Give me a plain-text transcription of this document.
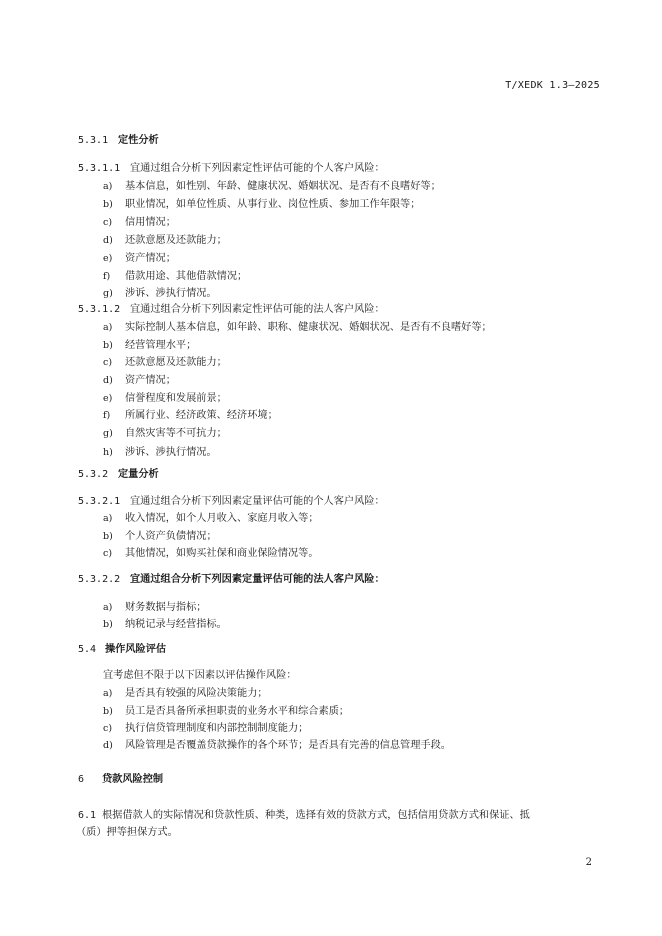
T/XEDK 1.3—2025
5.3.1 定性分析
5.3.1.1 宜通过组合分析下列因素定性评估可能的个人客户风险：
a) 基本信息，如性别、年龄、健康状况、婚姻状况、是否有不良嗜好等；
b) 职业情况，如单位性质、从事行业、岗位性质、参加工作年限等；
c) 信用情况；
d) 还款意愿及还款能力；
e) 资产情况；
f) 借款用途、其他借款情况；
g) 涉诉、涉执行情况。
5.3.1.2 宜通过组合分析下列因素定性评估可能的法人客户风险：
a) 实际控制人基本信息，如年龄、职称、健康状况、婚姻状况、是否有不良嗜好等；
b) 经营管理水平；
c) 还款意愿及还款能力；
d) 资产情况；
e) 信誉程度和发展前景；
f) 所属行业、经济政策、经济环境；
g) 自然灾害等不可抗力；
h) 涉诉、涉执行情况。
5.3.2 定量分析
5.3.2.1 宜通过组合分析下列因素定量评估可能的个人客户风险：
a) 收入情况，如个人月收入、家庭月收入等；
b) 个人资产负债情况；
c) 其他情况，如购买社保和商业保险情况等。
5.3.2.2 宜通过组合分析下列因素定量评估可能的法人客户风险：
a) 财务数据与指标；
b) 纳税记录与经营指标。
5.4 操作风险评估
宜考虑但不限于以下因素以评估操作风险：
a) 是否具有较强的风险决策能力；
b) 员工是否具备所承担职责的业务水平和综合素质；
c) 执行信贷管理制度和内部控制制度能力；
d) 风险管理是否覆盖贷款操作的各个环节；是否具有完善的信息管理手段。
6 贷款风险控制
6.1 根据借款人的实际情况和贷款性质、种类，选择有效的贷款方式，包括信用贷款方式和保证、抵
（质）押等担保方式。
2
